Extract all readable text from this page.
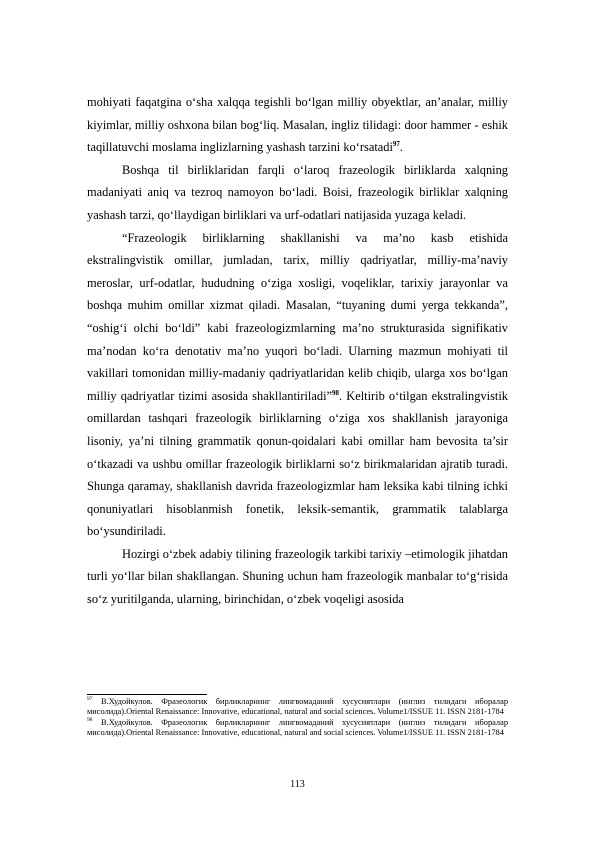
mohiyati faqatgina o‘sha xalqqa tegishli bo‘lgan milliy obyektlar, an’analar, milliy kiyimlar, milliy oshxona bilan bog‘liq. Masalan, ingliz tilidagi: door hammer - eshik taqillatuvchi moslama inglizlarning yashash tarzini ko‘rsatadi$^{97}$.

Boshqa til birliklaridan farqli o‘laroq frazeologik birliklarda xalqning madaniyati aniq va tezroq namoyon bo‘ladi. Boisi, frazeologik birliklar xalqning yashash tarzi, qo‘llaydigan birliklari va urf-odatlari natijasida yuzaga keladi.

“Frazeologik birliklarning shakllanishi va ma’no kasb etishida ekstralingvistik omillar, jumladan, tarix, milliy qadriyatlar, milliy-ma’naviy meroslar, urf-odatlar, hududning o‘ziga xosligi, voqeliklar, tarixiy jarayonlar va boshqa muhim omillar xizmat qiladi. Masalan, “tuyaning dumi yerga tekkanda”, “oshig‘i olchi bo‘ldi” kabi frazeologizmlarning ma’no strukturasida signifikativ ma’nodan ko‘ra denotativ ma’no yuqori bo‘ladi. Ularning mazmun mohiyati til vakillari tomonidan milliy-madaniy qadriyatlaridan kelib chiqib, ularga xos bo‘lgan milliy qadriyatlar tizimi asosida shakllantiriladi”$^{98}$. Keltirib o‘tilgan ekstralingvistik omillardan tashqari frazeologik birliklarning o‘ziga xos shakllanish jarayoniga lisoniy, ya’ni tilning grammatik qonun-qoidalari kabi omillar ham bevosita ta’sir o‘tkazadi va ushbu omillar frazeologik birliklarni so‘z birikmalaridan ajratib turadi. Shunga qaramay, shakllanish davrida frazeologizmlar ham leksika kabi tilning ichki qonuniyatlari hisoblanmish fonetik, leksik-semantik, grammatik talablarga bo‘ysundiriladi.

Hozirgi o‘zbek adabiy tilining frazeologik tarkibi tarixiy –etimologik jihatdan turli yo‘llar bilan shakllangan. Shuning uchun ham frazeologik manbalar to‘g‘risida so‘z yuritilganda, ularning, birinchidan, o‘zbek voqeligi asosida

$^{97}$ В.Худойкулов. Фразеологик бирликларнинг лингвомаданий хусусиятлари (инглиз тилидаги иборалар мисолида).Oriental Renaissance: Innovative, educational, natural and social sciences. Volume1/ISSUE 11. ISSN 2181-1784

$^{98}$ В.Худойкулов. Фразеологик бирликларнинг лингвомаданий хусусиятлари (инглиз тилидаги иборалар мисолида).Oriental Renaissance: Innovative, educational, natural and social sciences. Volume1/ISSUE 11. ISSN 2181-1784

113
